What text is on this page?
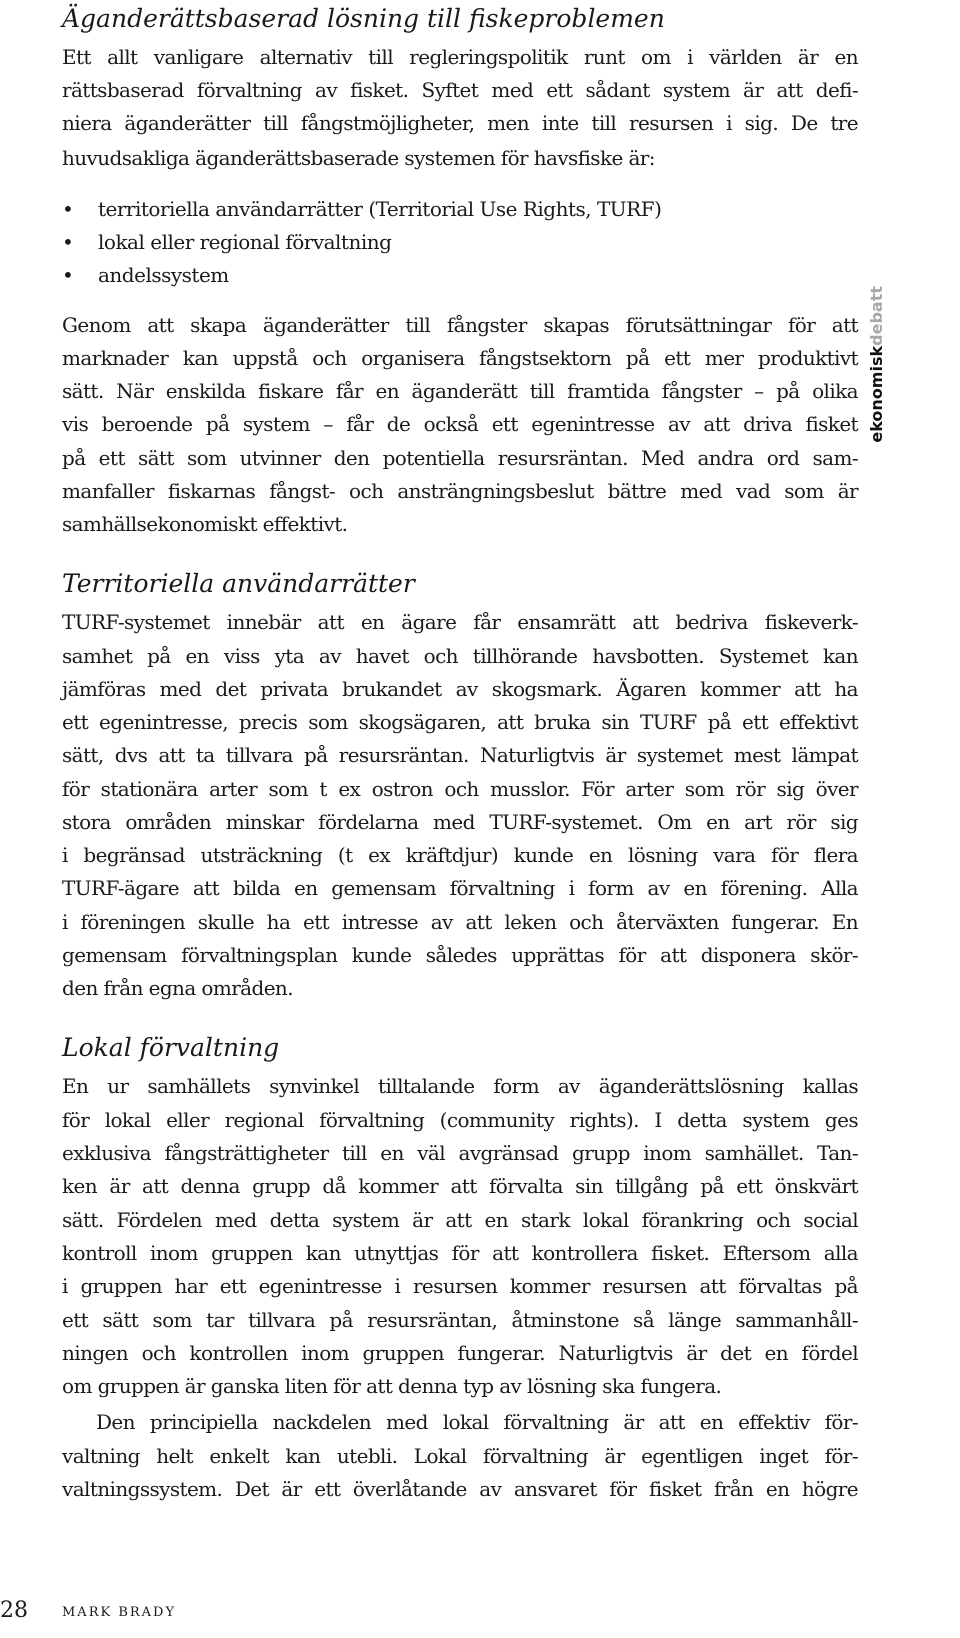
Äganderättsbaserad lösning till fiskeproblemen

Ett allt vanligare alternativ till regleringspolitik runt om i världen är en

rättsbaserad förvaltning av fisket. Syftet med ett sådant system är att defi-

niera äganderätter till fångstmöjligheter, men inte till resursen i sig. De tre

huvudsakliga äganderättsbaserade systemen för havsfiske är:

•	territoriella användarrätter (Territorial Use Rights, TURF)
•	lokal eller regional förvaltning
•	andelssystem

Genom att skapa äganderätter till fångster skapas förutsättningar för att

marknader kan uppstå och organisera fångstsektorn på ett mer produktivt

sätt. När enskilda fiskare får en äganderätt till framtida fångster – på olika

vis beroende på system – får de också ett egenintresse av att driva fisket

på ett sätt som utvinner den potentiella resursräntan. Med andra ord sam-

manfaller fiskarnas fångst- och ansträngningsbeslut bättre med vad som är

samhällsekonomiskt effektivt.

Territoriella användarrätter

TURF-systemet innebär att en ägare får ensamrätt att bedriva fiskeverk-

samhet på en viss yta av havet och tillhörande havsbotten. Systemet kan

jämföras med det privata brukandet av skogsmark. Ägaren kommer att ha

ett egenintresse, precis som skogsägaren, att bruka sin TURF på ett effektivt

sätt, dvs att ta tillvara på resursräntan. Naturligtvis är systemet mest lämpat

för stationära arter som t ex ostron och musslor. För arter som rör sig över

stora områden minskar fördelarna med TURF-systemet. Om en art rör sig

i begränsad utsträckning (t ex kräftdjur) kunde en lösning vara för flera

TURF-ägare att bilda en gemensam förvaltning i form av en förening. Alla

i föreningen skulle ha ett intresse av att leken och återväxten fungerar. En

gemensam förvaltningsplan kunde således upprättas för att disponera skör-

den från egna områden.

Lokal förvaltning

En ur samhällets synvinkel tilltalande form av äganderättslösning kallas

för lokal eller regional förvaltning (community rights). I detta system ges

exklusiva fångsträttigheter till en väl avgränsad grupp inom samhället. Tan-

ken är att denna grupp då kommer att förvalta sin tillgång på ett önskvärt

sätt. Fördelen med detta system är att en stark lokal förankring och social

kontroll inom gruppen kan utnyttjas för att kontrollera fisket. Eftersom alla

i gruppen har ett egenintresse i resursen kommer resursen att förvaltas på

ett sätt som tar tillvara på resursräntan, åtminstone så länge sammanhåll-

ningen och kontrollen inom gruppen fungerar. Naturligtvis är det en fördel

om gruppen är ganska liten för att denna typ av lösning ska fungera.

Den principiella nackdelen med lokal förvaltning är att en effektiv för-

valtning helt enkelt kan utebli. Lokal förvaltning är egentligen inget för-

valtningssystem. Det är ett överlåtande av ansvaret för fisket från en högre

ekonomiskdebatt
28	MARK BRADY
